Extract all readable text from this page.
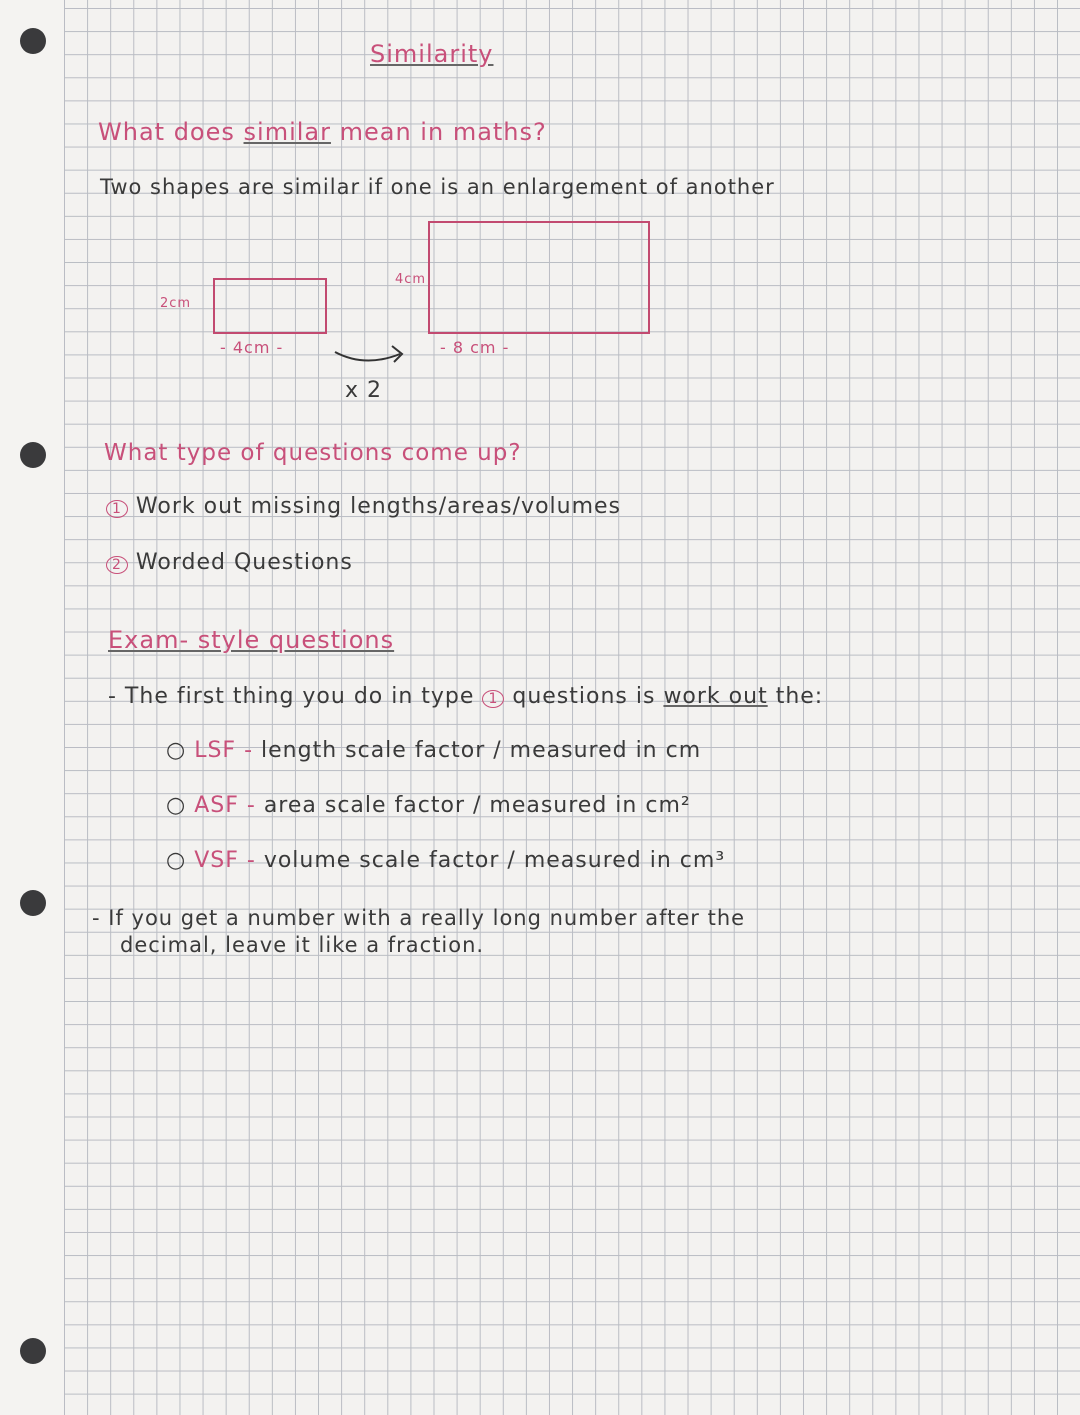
Similarity
What does similar mean in maths?
Two shapes are similar if one is an enlargement of another
2cm
- 4cm -
4cm
- 8 cm -
x 2
What type of questions come up?
1 Work out missing lengths/areas/volumes
2 Worded Questions
Exam- style questions
- The first thing you do in type 1 questions is work out the:
○ LSF - length scale factor / measured in cm
○ ASF - area scale factor / measured in cm²
○ VSF - volume scale factor / measured in cm³
- If you get a number with a really long number after the
decimal, leave it like a fraction.
